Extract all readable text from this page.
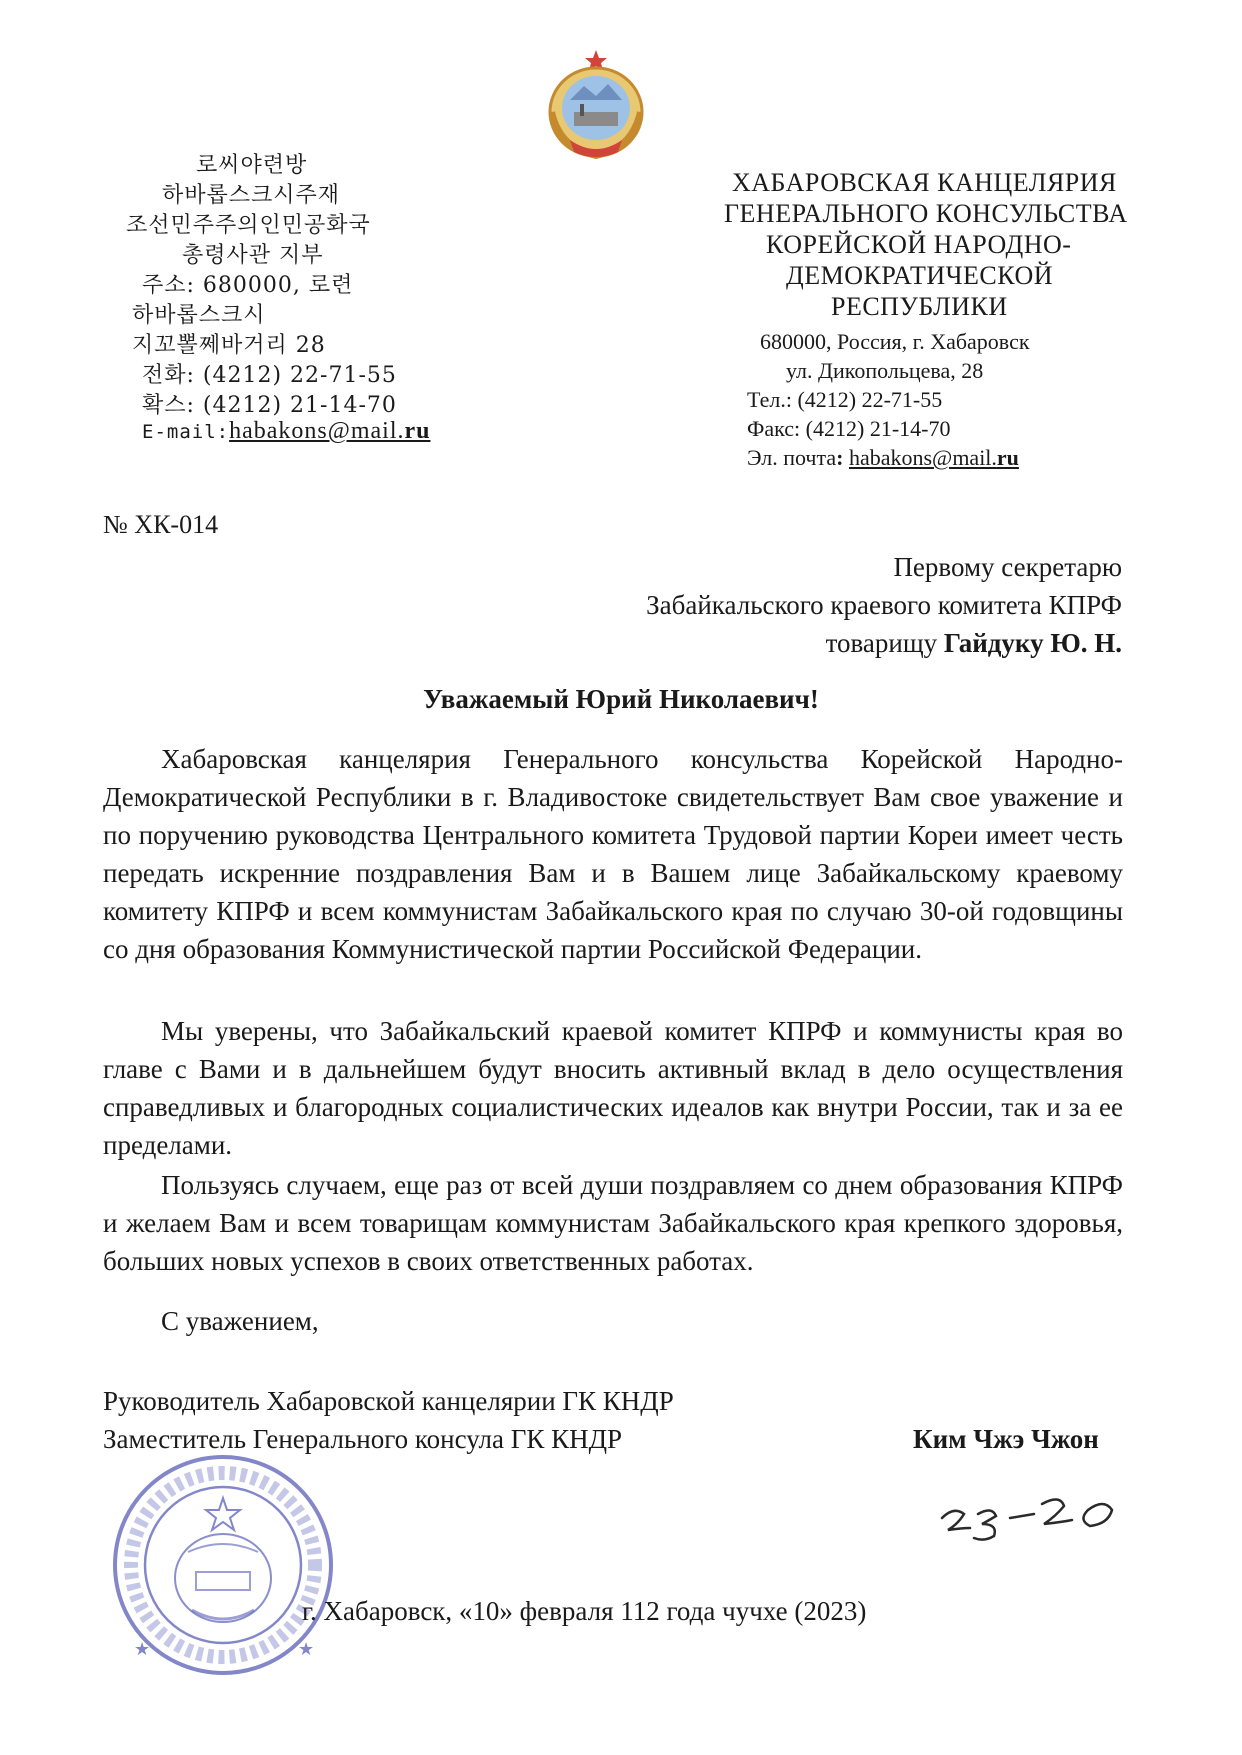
로씨야련방
하바롭스크시주재
조선민주주의인민공화국
총령사관 지부
주소: 680000, 로련
하바롭스크시
지꼬뽈쩨바거리 28
전화: (4212) 22-71-55
확스: (4212) 21-14-70
E-mail:habakons@mail.ru
ХАБАРОВСКАЯ КАНЦЕЛЯРИЯ
ГЕНЕРАЛЬНОГО КОНСУЛЬСТВА
КОРЕЙСКОЙ НАРОДНО-
ДЕМОКРАТИЧЕСКОЙ
РЕСПУБЛИКИ
680000, Россия, г. Хабаровск
ул. Дикопольцева, 28
Тел.: (4212) 22-71-55
Факс: (4212) 21-14-70
Эл. почта: habakons@mail.ru
№ ХК-014
Первому секретарю
Забайкальского краевого комитета КПРФ
товарищу Гайдуку Ю. Н.
Уважаемый Юрий Николаевич!

Хабаровская канцелярия Генерального консульства Корейской Народно-Демократической Республики в г. Владивостоке свидетельствует Вам свое уважение и по поручению руководства Центрального комитета Трудовой партии Кореи имеет честь передать искренние поздравления Вам и в Вашем лице Забайкальскому краевому комитету КПРФ и всем коммунистам Забайкальского края по случаю 30-ой годовщины со дня образования Коммунистической партии Российской Федерации.

Мы уверены, что Забайкальский краевой комитет КПРФ и коммунисты края во главе с Вами и в дальнейшем будут вносить активный вклад в дело осуществления справедливых и благородных социалистических идеалов как внутри России, так и за ее пределами.

Пользуясь случаем, еще раз от всей души поздравляем со днем образования КПРФ и желаем Вам и всем товарищам коммунистам Забайкальского края крепкого здоровья, больших новых успехов в своих ответственных работах.

С уважением,
Руководитель Хабаровской канцелярии ГК КНДР
Заместитель Генерального консула ГК КНДР	Ким Чжэ Чжон
★	★
г. Хабаровск, «10» февраля 112 года чучхе (2023)
